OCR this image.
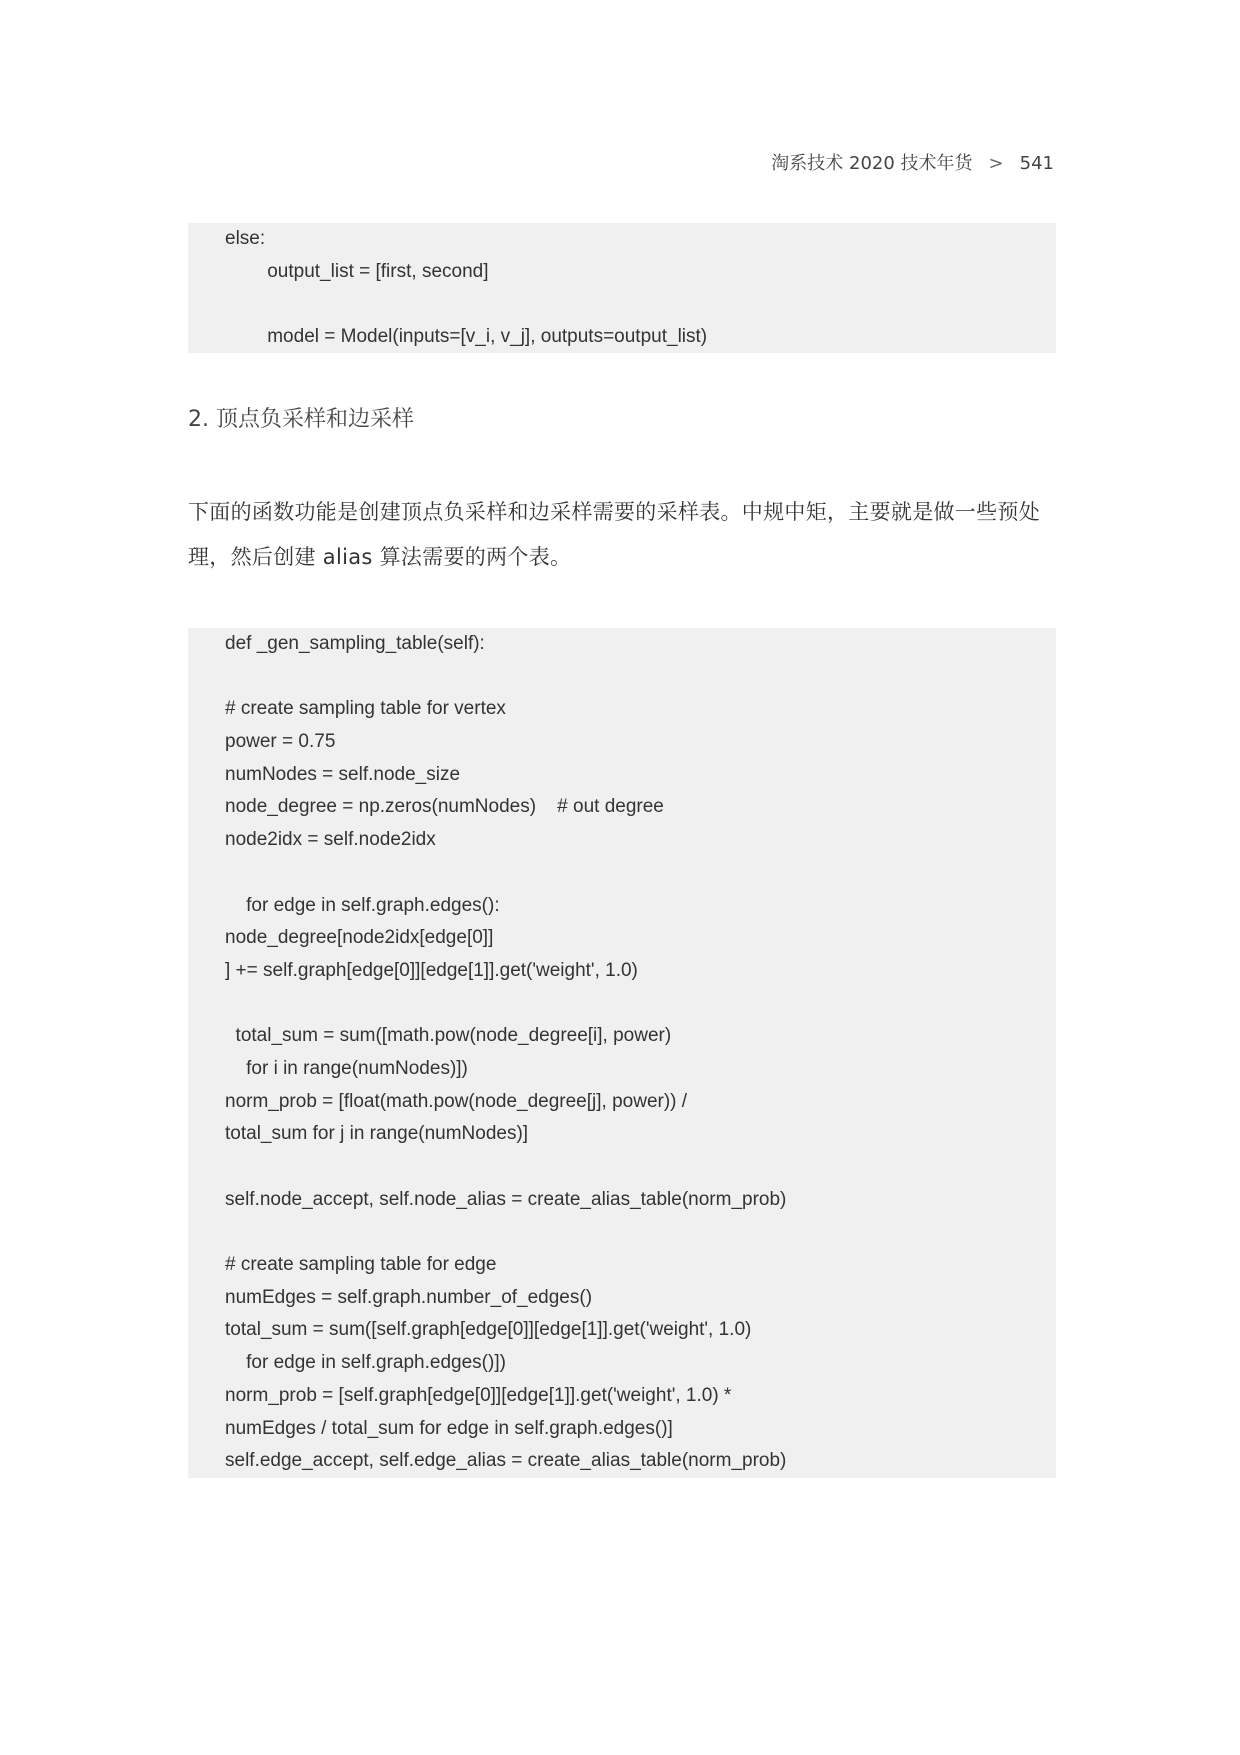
淘系技术 2020 技术年货 > 541
else:
output_list = [first, second]
model = Model(inputs=[v_i, v_j], outputs=output_list)
2. 顶点负采样和边采样
下面的函数功能是创建顶点负采样和边采样需要的采样表。中规中矩，主要就是做一些预处理，然后创建 alias 算法需要的两个表。
def _gen_sampling_table(self):
# create sampling table for vertex
power = 0.75
numNodes = self.node_size
node_degree = np.zeros(numNodes)    # out degree
node2idx = self.node2idx
for edge in self.graph.edges():
node_degree[node2idx[edge[0]]
] += self.graph[edge[0]][edge[1]].get('weight', 1.0)
total_sum = sum([math.pow(node_degree[i], power)
for i in range(numNodes)])
norm_prob = [float(math.pow(node_degree[j], power)) /
total_sum for j in range(numNodes)]
self.node_accept, self.node_alias = create_alias_table(norm_prob)
# create sampling table for edge
numEdges = self.graph.number_of_edges()
total_sum = sum([self.graph[edge[0]][edge[1]].get('weight', 1.0)
for edge in self.graph.edges()])
norm_prob = [self.graph[edge[0]][edge[1]].get('weight', 1.0) *
numEdges / total_sum for edge in self.graph.edges()]
self.edge_accept, self.edge_alias = create_alias_table(norm_prob)
